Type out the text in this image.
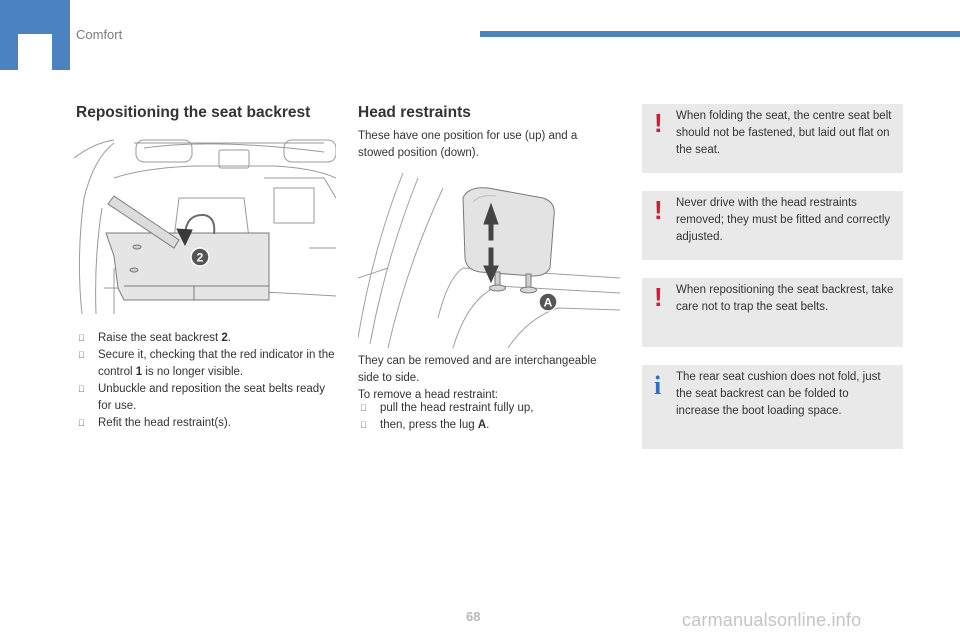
Comfort
Repositioning the seat backrest
2
Raise the seat backrest 2.
Secure it, checking that the red indicator in the control 1 is no longer visible.
Unbuckle and reposition the seat belts ready for use.
Refit the head restraint(s).
Head restraints
These have one position for use (up) and a stowed position (down).
A
They can be removed and are interchangeable side to side.
To remove a head restraint:
pull the head restraint fully up,
then, press the lug A.
! When folding the seat, the centre seat belt should not be fastened, but laid out flat on the seat.
! Never drive with the head restraints removed; they must be fitted and correctly adjusted.
! When repositioning the seat backrest, take care not to trap the seat belts.
i The rear seat cushion does not fold, just the seat backrest can be folded to increase the boot loading space.
68	carmanualsonline.info
